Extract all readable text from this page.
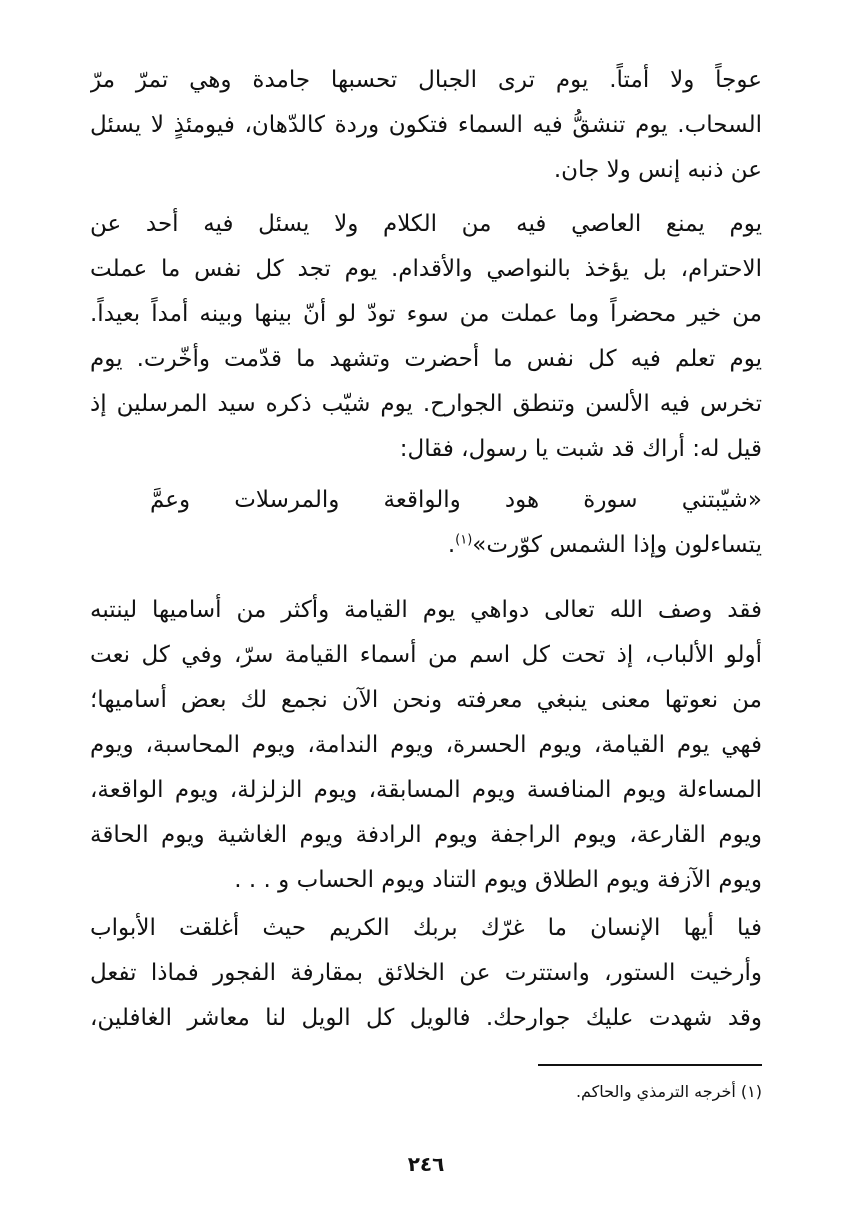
عوجاً ولا أمتاً. يوم ترى الجبال تحسبها جامدة وهي تمرّ مرّ
السحاب. يوم تنشقُّ فيه السماء فتكون وردة كالدّهان، فيومئذٍ لا يسئل
عن ذنبه إنس ولا جان.
يوم يمنع العاصي فيه من الكلام ولا يسئل فيه أحد عن
الاحترام، بل يؤخذ بالنواصي والأقدام. يوم تجد كل نفس ما عملت
من خير محضراً وما عملت من سوء تودّ لو أنّ بينها وبينه أمداً بعيداً.
يوم تعلم فيه كل نفس ما أحضرت وتشهد ما قدّمت وأخّرت. يوم
تخرس فيه الألسن وتنطق الجوارح. يوم شيّب ذكره سيد المرسلين إذ
قيل له: أراك قد شبت يا رسول، فقال:
«شيّبتني سورة هود والواقعة والمرسلات وعمَّ
يتساءلون وإذا الشمس كوّرت»$^{(١)}$.
فقد وصف الله تعالى دواهي يوم القيامة وأكثر من أساميها لينتبه
أولو الألباب، إذ تحت كل اسم من أسماء القيامة سرّ، وفي كل نعت
من نعوتها معنى ينبغي معرفته ونحن الآن نجمع لك بعض أساميها؛
فهي يوم القيامة، ويوم الحسرة، ويوم الندامة، ويوم المحاسبة، ويوم
المساءلة ويوم المنافسة ويوم المسابقة، ويوم الزلزلة، ويوم الواقعة،
ويوم القارعة، ويوم الراجفة ويوم الرادفة ويوم الغاشية ويوم الحاقة
ويوم الآزفة ويوم الطلاق ويوم التناد ويوم الحساب و . . .
فيا أيها الإنسان ما غرّك بربك الكريم حيث أغلقت الأبواب
وأرخيت الستور، واستترت عن الخلائق بمقارفة الفجور فماذا تفعل
وقد شهدت عليك جوارحك. فالويل كل الويل لنا معاشر الغافلين،
(١) أخرجه الترمذي والحاكم.
٢٤٦
